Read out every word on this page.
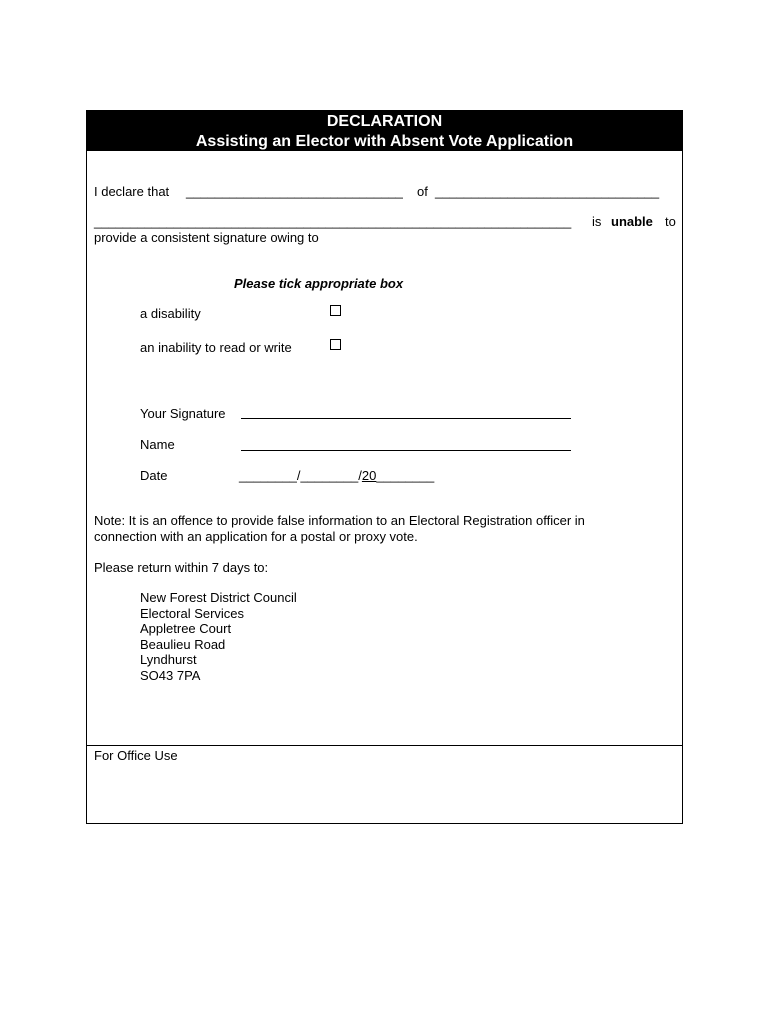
DECLARATION
Assisting an Elector with Absent Vote Application
I declare that ______________________________ of _______________________________
__________________________________________________________________ is unable to
provide a consistent signature owing to
Please tick appropriate box
a disability
an inability to read or write
Your Signature
Name
Date	________/________/20________
Note: It is an offence to provide false information to an Electoral Registration officer in
connection with an application for a postal or proxy vote.
Please return within 7 days to:
New Forest District Council
Electoral Services
Appletree Court
Beaulieu Road
Lyndhurst
SO43 7PA
For Office Use
